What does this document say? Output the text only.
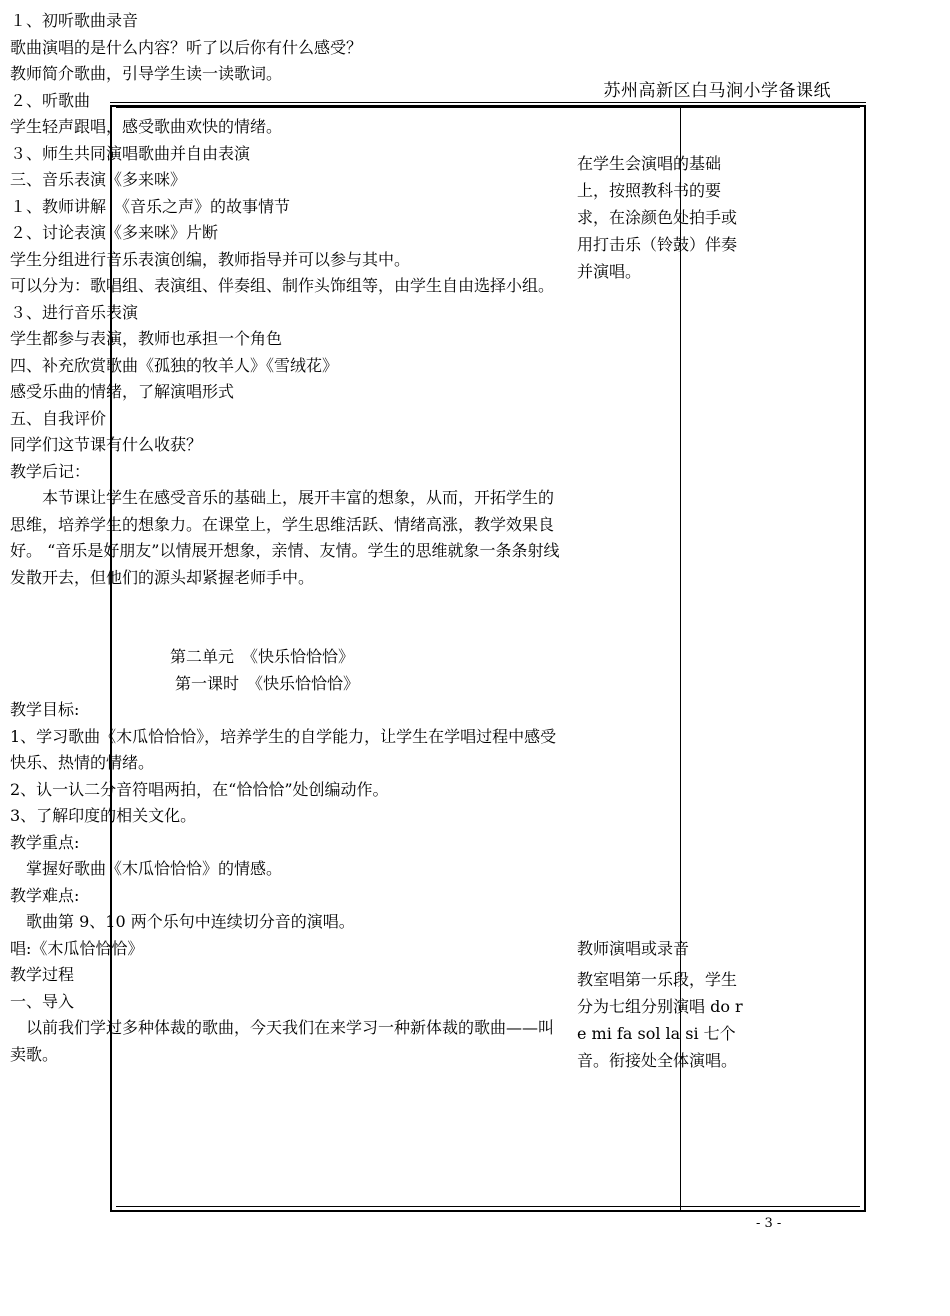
苏州高新区白马涧小学备课纸

１、初听歌曲录音

歌曲演唱的是什么内容？听了以后你有什么感受？

教师简介歌曲，引导学生读一读歌词。

２、听歌曲

学生轻声跟唱，感受歌曲欢快的情绪。

３、师生共同演唱歌曲并自由表演

三、音乐表演《多来咪》

１、教师讲解　《音乐之声》的故事情节

２、讨论表演《多来咪》片断

学生分组进行音乐表演创编，教师指导并可以参与其中。

可以分为：歌唱组、表演组、伴奏组、制作头饰组等，由学生自由选择小组。

３、进行音乐表演

学生都参与表演，教师也承担一个角色

四、补充欣赏歌曲《孤独的牧羊人》《雪绒花》

感受乐曲的情绪，了解演唱形式

五、自我评价

同学们这节课有什么收获？

教学后记：

本节课让学生在感受音乐的基础上，展开丰富的想象，从而，开拓学生的思维，培养学生的想象力。在课堂上，学生思维活跃、情绪高涨，教学效果良好。 “音乐是好朋友”以情展开想象，亲情、友情。学生的思维就象一条条射线发散开去，但他们的源头却紧握老师手中。

第二单元　《快乐恰恰恰》

第一课时　《快乐恰恰恰》

教学目标:

1、学习歌曲《木瓜恰恰恰》，培养学生的自学能力，让学生在学唱过程中感受快乐、热情的情绪。

2、认一认二分音符唱两拍，在“恰恰恰”处创编动作。

3、了解印度的相关文化。

教学重点:

掌握好歌曲《木瓜恰恰恰》的情感。

教学难点:

歌曲第 9、10 两个乐句中连续切分音的演唱。

唱:《木瓜恰恰恰》

教学过程

一、导入

以前我们学过多种体裁的歌曲，今天我们在来学习一种新体裁的歌曲——叫卖歌。

在学生会演唱的基础上，按照教科书的要求，在涂颜色处拍手或用打击乐（铃鼓）伴奏并演唱。

教师演唱或录音

教室唱第一乐段，学生分为七组分别演唱 do re mi fa sol la si 七个音。衔接处全体演唱。

- 3 -
